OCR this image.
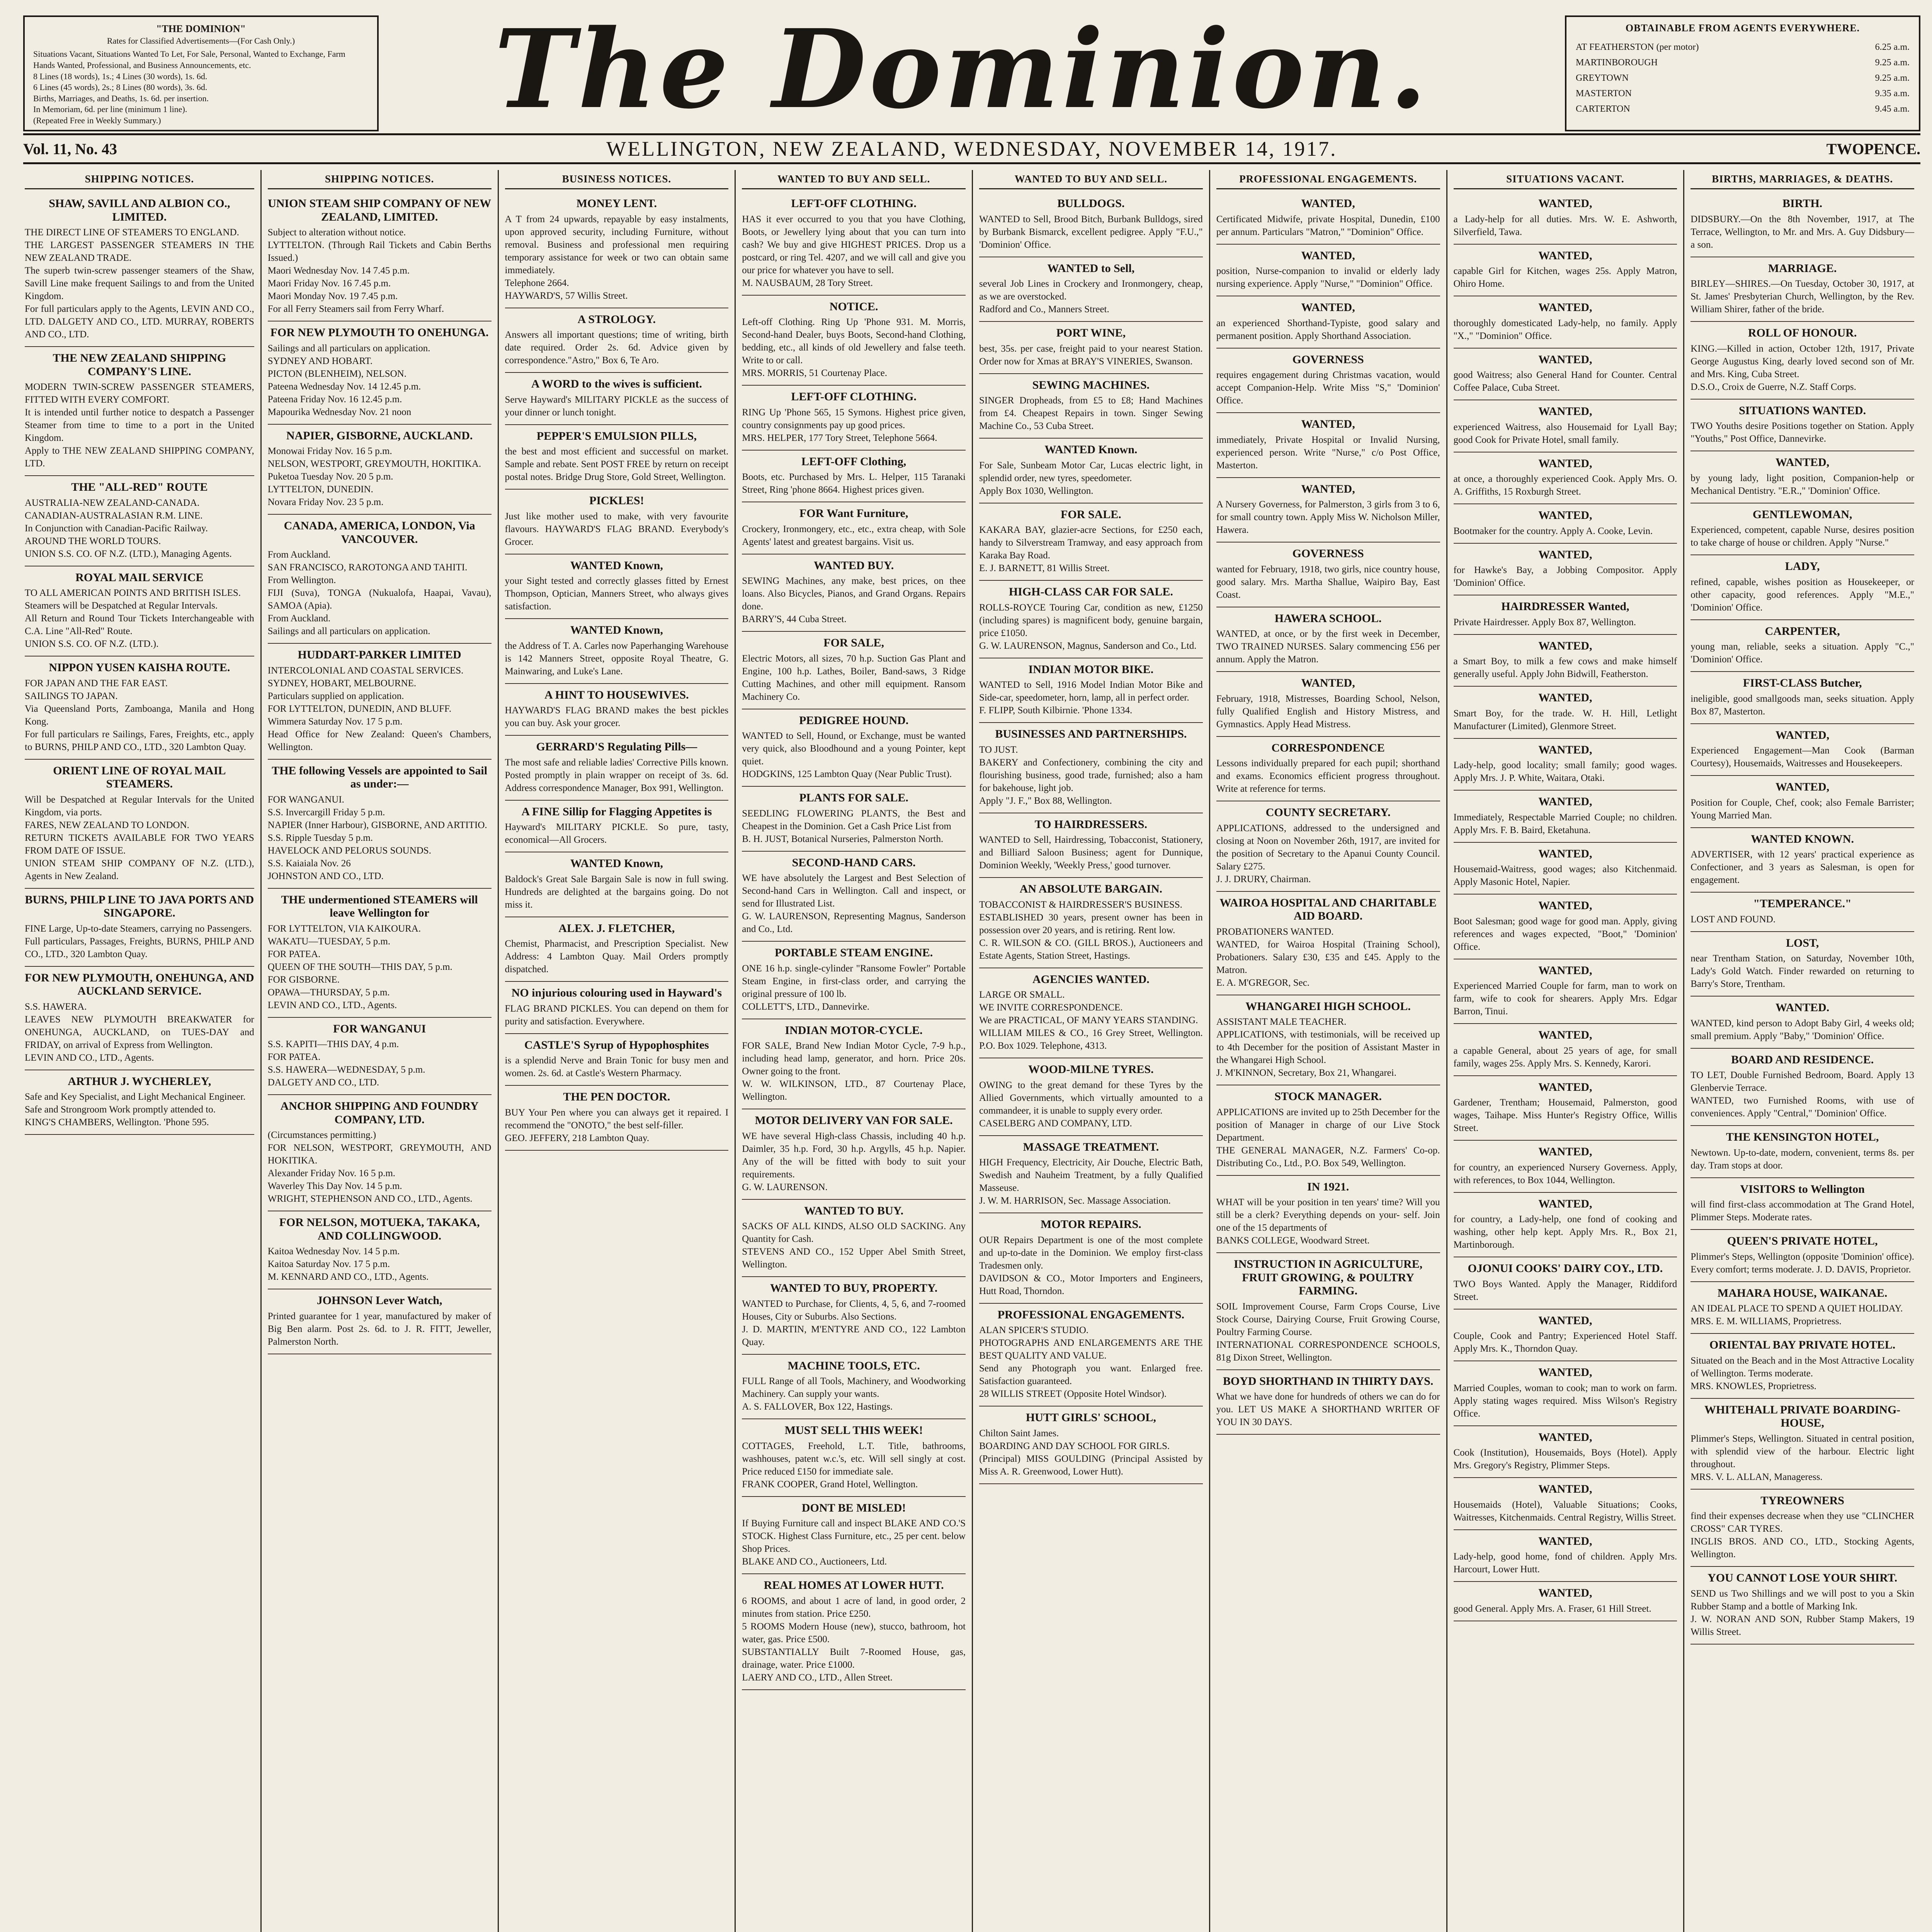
"THE DOMINION"
Rates for Classified Advertisements—(For Cash Only.)
Situations Vacant, Situations Wanted To Let, For Sale, Personal, Wanted to Exchange, Farm Hands Wanted, Professional, and Business Announcements, etc.
8 Lines (18 words), 1s.; 4 Lines (30 words), 1s. 6d.
6 Lines (45 words), 2s.; 8 Lines (80 words), 3s. 6d.
Births, Marriages, and Deaths, 1s. 6d. per insertion.
In Memoriam, 6d. per line (minimum 1 line).
(Repeated Free in Weekly Summary.)	The Dominion.	OBTAINABLE FROM AGENTS EVERYWHERE.
AT FEATHERSTON (per motor)	6.25 a.m.
MARTINBOROUGH	9.25 a.m.
GREYTOWN	9.25 a.m.
MASTERTON	9.35 a.m.
CARTERTON	9.45 a.m.
Vol. 11, No. 43	WELLINGTON, NEW ZEALAND, WEDNESDAY, NOVEMBER 14, 1917.	TWOPENCE.
SHIPPING NOTICES.
SHAW, SAVILL AND ALBION CO., LIMITED.

THE DIRECT LINE OF STEAMERS TO ENGLAND.
THE LARGEST PASSENGER STEAMERS IN THE NEW ZEALAND TRADE.
The superb twin-screw passenger steamers of the Shaw, Savill Line make frequent Sailings to and from the United Kingdom.
For full particulars apply to the Agents, LEVIN AND CO., LTD. DALGETY AND CO., LTD. MURRAY, ROBERTS AND CO., LTD.

THE NEW ZEALAND SHIPPING COMPANY'S LINE.

MODERN TWIN-SCREW PASSENGER STEAMERS, FITTED WITH EVERY COMFORT.
It is intended until further notice to despatch a Passenger Steamer from time to time to a port in the United Kingdom.
Apply to THE NEW ZEALAND SHIPPING COMPANY, LTD.

THE "ALL-RED" ROUTE

AUSTRALIA-NEW ZEALAND-CANADA.
CANADIAN-AUSTRALASIAN R.M. LINE.
In Conjunction with Canadian-Pacific Railway.
AROUND THE WORLD TOURS.
UNION S.S. CO. OF N.Z. (LTD.), Managing Agents.

ROYAL MAIL SERVICE

TO ALL AMERICAN POINTS AND BRITISH ISLES.
Steamers will be Despatched at Regular Intervals.
All Return and Round Tour Tickets Interchangeable with C.A. Line "All-Red" Route.
UNION S.S. CO. OF N.Z. (LTD.).

NIPPON YUSEN KAISHA ROUTE.

FOR JAPAN AND THE FAR EAST.
SAILINGS TO JAPAN.
Via Queensland Ports, Zamboanga, Manila and Hong Kong.
For full particulars re Sailings, Fares, Freights, etc., apply to BURNS, PHILP AND CO., LTD., 320 Lambton Quay.

ORIENT LINE OF ROYAL MAIL STEAMERS.

Will be Despatched at Regular Intervals for the United Kingdom, via ports.
FARES, NEW ZEALAND TO LONDON.
RETURN TICKETS AVAILABLE FOR TWO YEARS FROM DATE OF ISSUE.
UNION STEAM SHIP COMPANY OF N.Z. (LTD.), Agents in New Zealand.

BURNS, PHILP LINE TO JAVA PORTS AND SINGAPORE.

FINE Large, Up-to-date Steamers, carrying no Passengers.
Full particulars, Passages, Freights, BURNS, PHILP AND CO., LTD., 320 Lambton Quay.

FOR NEW PLYMOUTH, ONEHUNGA, AND AUCKLAND SERVICE.

S.S. HAWERA.
LEAVES NEW PLYMOUTH BREAKWATER for ONEHUNGA, AUCKLAND, on TUES-DAY and FRIDAY, on arrival of Express from Wellington.
LEVIN AND CO., LTD., Agents.

ARTHUR J. WYCHERLEY,

Safe and Key Specialist, and Light Mechanical Engineer.
Safe and Strongroom Work promptly attended to.
KING'S CHAMBERS, Wellington. 'Phone 595.

SHIPPING NOTICES.
UNION STEAM SHIP COMPANY OF NEW ZEALAND, LIMITED.

Subject to alteration without notice.
LYTTELTON. (Through Rail Tickets and Cabin Berths Issued.)
Maori Wednesday Nov. 14 7.45 p.m.
Maori Friday Nov. 16 7.45 p.m.
Maori Monday Nov. 19 7.45 p.m.
For all Ferry Steamers sail from Ferry Wharf.

FOR NEW PLYMOUTH TO ONEHUNGA.

Sailings and all particulars on application.
SYDNEY AND HOBART.
PICTON (BLENHEIM), NELSON.
Pateena Wednesday Nov. 14 12.45 p.m.
Pateena Friday Nov. 16 12.45 p.m.
Mapourika Wednesday Nov. 21 noon

NAPIER, GISBORNE, AUCKLAND.

Monowai Friday Nov. 16 5 p.m.
NELSON, WESTPORT, GREYMOUTH, HOKITIKA.
Puketoa Tuesday Nov. 20 5 p.m.
LYTTELTON, DUNEDIN.
Novara Friday Nov. 23 5 p.m.

CANADA, AMERICA, LONDON, Via VANCOUVER.

From Auckland.
SAN FRANCISCO, RAROTONGA AND TAHITI.
From Wellington.
FIJI (Suva), TONGA (Nukualofa, Haapai, Vavau), SAMOA (Apia).
From Auckland.
Sailings and all particulars on application.

HUDDART-PARKER LIMITED

INTERCOLONIAL AND COASTAL SERVICES.
SYDNEY, HOBART, MELBOURNE.
Particulars supplied on application.
FOR LYTTELTON, DUNEDIN, AND BLUFF.
Wimmera Saturday Nov. 17 5 p.m.
Head Office for New Zealand: Queen's Chambers, Wellington.

THE following Vessels are appointed to Sail as under:—

FOR WANGANUI.
S.S. Invercargill Friday 5 p.m.
NAPIER (Inner Harbour), GISBORNE, AND ARTITIO.
S.S. Ripple Tuesday 5 p.m.
HAVELOCK AND PELORUS SOUNDS.
S.S. Kaiaiala Nov. 26
JOHNSTON AND CO., LTD.

THE undermentioned STEAMERS will leave Wellington for

FOR LYTTELTON, VIA KAIKOURA.
WAKATU—TUESDAY, 5 p.m.
FOR PATEA.
QUEEN OF THE SOUTH—THIS DAY, 5 p.m.
FOR GISBORNE.
OPAWA—THURSDAY, 5 p.m.
LEVIN AND CO., LTD., Agents.

FOR WANGANUI

S.S. KAPITI—THIS DAY, 4 p.m.
FOR PATEA.
S.S. HAWERA—WEDNESDAY, 5 p.m.
DALGETY AND CO., LTD.

ANCHOR SHIPPING AND FOUNDRY COMPANY, LTD.

(Circumstances permitting.)
FOR NELSON, WESTPORT, GREYMOUTH, AND HOKITIKA.
Alexander Friday Nov. 16 5 p.m.
Waverley This Day Nov. 14 5 p.m.
WRIGHT, STEPHENSON AND CO., LTD., Agents.

FOR NELSON, MOTUEKA, TAKAKA, AND COLLINGWOOD.

Kaitoa Wednesday Nov. 14 5 p.m.
Kaitoa Saturday Nov. 17 5 p.m.
M. KENNARD AND CO., LTD., Agents.

JOHNSON Lever Watch,

Printed guarantee for 1 year, manufactured by maker of Big Ben alarm. Post 2s. 6d. to J. R. FITT, Jeweller, Palmerston North.

BUSINESS NOTICES.
MONEY LENT.

A T from 24 upwards, repayable by easy instalments, upon approved security, including Furniture, without removal. Business and professional men requiring temporary assistance for week or two can obtain same immediately.
Telephone 2664.
HAYWARD'S, 57 Willis Street.

A STROLOGY.

Answers all important questions; time of writing, birth date required. Order 2s. 6d. Advice given by correspondence."Astro," Box 6, Te Aro.

A WORD to the wives is sufficient.

Serve Hayward's MILITARY PICKLE as the success of your dinner or lunch tonight.

PEPPER'S EMULSION PILLS,

the best and most efficient and successful on market. Sample and rebate. Sent POST FREE by return on receipt postal notes. Bridge Drug Store, Gold Street, Wellington.

PICKLES!

Just like mother used to make, with very favourite flavours. HAYWARD'S FLAG BRAND. Everybody's Grocer.

WANTED Known,

your Sight tested and correctly glasses fitted by Ernest Thompson, Optician, Manners Street, who always gives satisfaction.

WANTED Known,

the Address of T. A. Carles now Paperhanging Warehouse is 142 Manners Street, opposite Royal Theatre, G. Mainwaring, and Luke's Lane.

A HINT TO HOUSEWIVES.

HAYWARD'S FLAG BRAND makes the best pickles you can buy. Ask your grocer.

GERRARD'S Regulating Pills—

The most safe and reliable ladies' Corrective Pills known. Posted promptly in plain wrapper on receipt of 3s. 6d. Address correspondence Manager, Box 991, Wellington.

A FINE Sillip for Flagging Appetites is

Hayward's MILITARY PICKLE. So pure, tasty, economical—All Grocers.

WANTED Known,

Baldock's Great Sale Bargain Sale is now in full swing. Hundreds are delighted at the bargains going. Do not miss it.

ALEX. J. FLETCHER,

Chemist, Pharmacist, and Prescription Specialist. New Address: 4 Lambton Quay. Mail Orders promptly dispatched.

NO injurious colouring used in Hayward's

FLAG BRAND PICKLES. You can depend on them for purity and satisfaction. Everywhere.

CASTLE'S Syrup of Hypophosphites

is a splendid Nerve and Brain Tonic for busy men and women. 2s. 6d. at Castle's Western Pharmacy.

THE PEN DOCTOR.

BUY Your Pen where you can always get it repaired. I recommend the "ONOTO," the best self-filler.
GEO. JEFFERY, 218 Lambton Quay.

WANTED TO BUY AND SELL.
LEFT-OFF CLOTHING.

HAS it ever occurred to you that you have Clothing, Boots, or Jewellery lying about that you can turn into cash? We buy and give HIGHEST PRICES. Drop us a postcard, or ring Tel. 4207, and we will call and give you our price for whatever you have to sell.
M. NAUSBAUM, 28 Tory Street.

NOTICE.

Left-off Clothing. Ring Up 'Phone 931. M. Morris, Second-hand Dealer, buys Boots, Second-hand Clothing, bedding, etc., all kinds of old Jewellery and false teeth. Write to or call.
MRS. MORRIS, 51 Courtenay Place.

LEFT-OFF CLOTHING.

RING Up 'Phone 565, 15 Symons. Highest price given, country consignments pay up good prices.
MRS. HELPER, 177 Tory Street, Telephone 5664.

LEFT-OFF Clothing,

Boots, etc. Purchased by Mrs. L. Helper, 115 Taranaki Street, Ring 'phone 8664. Highest prices given.

FOR Want Furniture,

Crockery, Ironmongery, etc., etc., extra cheap, with Sole Agents' latest and greatest bargains. Visit us.

WANTED BUY.

SEWING Machines, any make, best prices, on thee loans. Also Bicycles, Pianos, and Grand Organs. Repairs done.
BARRY'S, 44 Cuba Street.

FOR SALE,

Electric Motors, all sizes, 70 h.p. Suction Gas Plant and Engine, 100 h.p. Lathes, Boiler, Band-saws, 3 Ridge Cutting Machines, and other mill equipment. Ransom Machinery Co.

PEDIGREE HOUND.

WANTED to Sell, Hound, or Exchange, must be wanted very quick, also Bloodhound and a young Pointer, kept quiet.
HODGKINS, 125 Lambton Quay (Near Public Trust).

PLANTS FOR SALE.

SEEDLING FLOWERING PLANTS, the Best and Cheapest in the Dominion. Get a Cash Price List from
B. H. JUST, Botanical Nurseries, Palmerston North.

SECOND-HAND CARS.

WE have absolutely the Largest and Best Selection of Second-hand Cars in Wellington. Call and inspect, or send for Illustrated List.
G. W. LAURENSON, Representing Magnus, Sanderson and Co., Ltd.

PORTABLE STEAM ENGINE.

ONE 16 h.p. single-cylinder "Ransome Fowler" Portable Steam Engine, in first-class order, and carrying the original pressure of 100 lb.
COLLETT'S, LTD., Dannevirke.

INDIAN MOTOR-CYCLE.

FOR SALE, Brand New Indian Motor Cycle, 7-9 h.p., including head lamp, generator, and horn. Price 20s. Owner going to the front.
W. W. WILKINSON, LTD., 87 Courtenay Place, Wellington.

MOTOR DELIVERY VAN FOR SALE.

WE have several High-class Chassis, including 40 h.p. Daimler, 35 h.p. Ford, 30 h.p. Argylls, 45 h.p. Napier. Any of the will be fitted with body to suit your requirements.
G. W. LAURENSON.

WANTED TO BUY.

SACKS OF ALL KINDS, ALSO OLD SACKING. Any Quantity for Cash.
STEVENS AND CO., 152 Upper Abel Smith Street, Wellington.

WANTED TO BUY, PROPERTY.

WANTED to Purchase, for Clients, 4, 5, 6, and 7-roomed Houses, City or Suburbs. Also Sections.
J. D. MARTIN, M'ENTYRE AND CO., 122 Lambton Quay.

MACHINE TOOLS, ETC.

FULL Range of all Tools, Machinery, and Woodworking Machinery. Can supply your wants.
A. S. FALLOVER, Box 122, Hastings.

MUST SELL THIS WEEK!

COTTAGES, Freehold, L.T. Title, bathrooms, washhouses, patent w.c.'s, etc. Will sell singly at cost. Price reduced £150 for immediate sale.
FRANK COOPER, Grand Hotel, Wellington.

DONT BE MISLED!

If Buying Furniture call and inspect BLAKE AND CO.'S STOCK. Highest Class Furniture, etc., 25 per cent. below Shop Prices.
BLAKE AND CO., Auctioneers, Ltd.

REAL HOMES AT LOWER HUTT.

6 ROOMS, and about 1 acre of land, in good order, 2 minutes from station. Price £250.
5 ROOMS Modern House (new), stucco, bathroom, hot water, gas. Price £500.
SUBSTANTIALLY Built 7-Roomed House, gas, drainage, water. Price £1000.
LAERY AND CO., LTD., Allen Street.

WANTED TO BUY AND SELL.
BULLDOGS.

WANTED to Sell, Brood Bitch, Burbank Bulldogs, sired by Burbank Bismarck, excellent pedigree. Apply "F.U.," 'Dominion' Office.

WANTED to Sell,

several Job Lines in Crockery and Ironmongery, cheap, as we are overstocked.
Radford and Co., Manners Street.

PORT WINE,

best, 35s. per case, freight paid to your nearest Station. Order now for Xmas at BRAY'S VINERIES, Swanson.

SEWING MACHINES.

SINGER Dropheads, from £5 to £8; Hand Machines from £4. Cheapest Repairs in town. Singer Sewing Machine Co., 53 Cuba Street.

WANTED Known.

For Sale, Sunbeam Motor Car, Lucas electric light, in splendid order, new tyres, speedometer.
Apply Box 1030, Wellington.

FOR SALE.

KAKARA BAY, glazier-acre Sections, for £250 each, handy to Silverstream Tramway, and easy approach from Karaka Bay Road.
E. J. BARNETT, 81 Willis Street.

HIGH-CLASS CAR FOR SALE.

ROLLS-ROYCE Touring Car, condition as new, £1250 (including spares) is magnificent body, genuine bargain, price £1050.
G. W. LAURENSON, Magnus, Sanderson and Co., Ltd.

INDIAN MOTOR BIKE.

WANTED to Sell, 1916 Model Indian Motor Bike and Side-car, speedometer, horn, lamp, all in perfect order.
F. FLIPP, South Kilbirnie. 'Phone 1334.

BUSINESSES AND PARTNERSHIPS.

TO JUST.
BAKERY and Confectionery, combining the city and flourishing business, good trade, furnished; also a ham for bakehouse, light job.
Apply "J. F.," Box 88, Wellington.

TO HAIRDRESSERS.

WANTED to Sell, Hairdressing, Tobacconist, Stationery, and Billiard Saloon Business; agent for Dunnique, Dominion Weekly, 'Weekly Press,' good turnover.

AN ABSOLUTE BARGAIN.

TOBACCONIST & HAIRDRESSER'S BUSINESS.
ESTABLISHED 30 years, present owner has been in possession over 20 years, and is retiring. Rent low.
C. R. WILSON & CO. (GILL BROS.), Auctioneers and Estate Agents, Station Street, Hastings.

AGENCIES WANTED.

LARGE OR SMALL.
WE INVITE CORRESPONDENCE.
We are PRACTICAL, OF MANY YEARS STANDING.
WILLIAM MILES & CO., 16 Grey Street, Wellington. P.O. Box 1029. Telephone, 4313.

WOOD-MILNE TYRES.

OWING to the great demand for these Tyres by the Allied Governments, which virtually amounted to a commandeer, it is unable to supply every order.
CASELBERG AND COMPANY, LTD.

MASSAGE TREATMENT.

HIGH Frequency, Electricity, Air Douche, Electric Bath, Swedish and Nauheim Treatment, by a fully Qualified Masseuse.
J. W. M. HARRISON, Sec. Massage Association.

MOTOR REPAIRS.

OUR Repairs Department is one of the most complete and up-to-date in the Dominion. We employ first-class Tradesmen only.
DAVIDSON & CO., Motor Importers and Engineers, Hutt Road, Thorndon.

PROFESSIONAL ENGAGEMENTS.

ALAN SPICER'S STUDIO.
PHOTOGRAPHS AND ENLARGEMENTS ARE THE BEST QUALITY AND VALUE.
Send any Photograph you want. Enlarged free. Satisfaction guaranteed.
28 WILLIS STREET (Opposite Hotel Windsor).

HUTT GIRLS' SCHOOL,

Chilton Saint James.
BOARDING AND DAY SCHOOL FOR GIRLS.
(Principal) MISS GOULDING (Principal Assisted by Miss A. R. Greenwood, Lower Hutt).

PROFESSIONAL ENGAGEMENTS.
WANTED,

Certificated Midwife, private Hospital, Dunedin, £100 per annum. Particulars "Matron," "Dominion" Office.

WANTED,

position, Nurse-companion to invalid or elderly lady nursing experience. Apply "Nurse," "Dominion" Office.

WANTED,

an experienced Shorthand-Typiste, good salary and permanent position. Apply Shorthand Association.

GOVERNESS

requires engagement during Christmas vacation, would accept Companion-Help. Write Miss "S," 'Dominion' Office.

WANTED,

immediately, Private Hospital or Invalid Nursing, experienced person. Write "Nurse," c/o Post Office, Masterton.

WANTED,

A Nursery Governess, for Palmerston, 3 girls from 3 to 6, for small country town. Apply Miss W. Nicholson Miller, Hawera.

GOVERNESS

wanted for February, 1918, two girls, nice country house, good salary. Mrs. Martha Shallue, Waipiro Bay, East Coast.

HAWERA SCHOOL.

WANTED, at once, or by the first week in December, TWO TRAINED NURSES. Salary commencing £56 per annum. Apply the Matron.

WANTED,

February, 1918, Mistresses, Boarding School, Nelson, fully Qualified English and History Mistress, and Gymnastics. Apply Head Mistress.

CORRESPONDENCE

Lessons individually prepared for each pupil; shorthand and exams. Economics efficient progress throughout. Write at reference for terms.

COUNTY SECRETARY.

APPLICATIONS, addressed to the undersigned and closing at Noon on November 26th, 1917, are invited for the position of Secretary to the Apanui County Council. Salary £275.
J. J. DRURY, Chairman.

WAIROA HOSPITAL AND CHARITABLE AID BOARD.

PROBATIONERS WANTED.
WANTED, for Wairoa Hospital (Training School), Probationers. Salary £30, £35 and £45. Apply to the Matron.
E. A. M'GREGOR, Sec.

WHANGAREI HIGH SCHOOL.

ASSISTANT MALE TEACHER.
APPLICATIONS, with testimonials, will be received up to 4th December for the position of Assistant Master in the Whangarei High School.
J. M'KINNON, Secretary, Box 21, Whangarei.

STOCK MANAGER.

APPLICATIONS are invited up to 25th December for the position of Manager in charge of our Live Stock Department.
THE GENERAL MANAGER, N.Z. Farmers' Co-op. Distributing Co., Ltd., P.O. Box 549, Wellington.

IN 1921.

WHAT will be your position in ten years' time? Will you still be a clerk? Everything depends on your- self. Join one of the 15 departments of
BANKS COLLEGE, Woodward Street.

INSTRUCTION IN AGRICULTURE, FRUIT GROWING, & POULTRY FARMING.

SOIL Improvement Course, Farm Crops Course, Live Stock Course, Dairying Course, Fruit Growing Course, Poultry Farming Course.
INTERNATIONAL CORRESPONDENCE SCHOOLS, 81g Dixon Street, Wellington.

BOYD SHORTHAND IN THIRTY DAYS.

What we have done for hundreds of others we can do for you. LET US MAKE A SHORTHAND WRITER OF YOU IN 30 DAYS.

SITUATIONS VACANT.
WANTED,

a Lady-help for all duties. Mrs. W. E. Ashworth, Silverfield, Tawa.

WANTED,

capable Girl for Kitchen, wages 25s. Apply Matron, Ohiro Home.

WANTED,

thoroughly domesticated Lady-help, no family. Apply "X.," "Dominion" Office.

WANTED,

good Waitress; also General Hand for Counter. Central Coffee Palace, Cuba Street.

WANTED,

experienced Waitress, also Housemaid for Lyall Bay; good Cook for Private Hotel, small family.

WANTED,

at once, a thoroughly experienced Cook. Apply Mrs. O. A. Griffiths, 15 Roxburgh Street.

WANTED,

Bootmaker for the country. Apply A. Cooke, Levin.

WANTED,

for Hawke's Bay, a Jobbing Compositor. Apply 'Dominion' Office.

HAIRDRESSER Wanted,

Private Hairdresser. Apply Box 87, Wellington.

WANTED,

a Smart Boy, to milk a few cows and make himself generally useful. Apply John Bidwill, Featherston.

WANTED,

Smart Boy, for the trade. W. H. Hill, Letlight Manufacturer (Limited), Glenmore Street.

WANTED,

Lady-help, good locality; small family; good wages. Apply Mrs. J. P. White, Waitara, Otaki.

WANTED,

Immediately, Respectable Married Couple; no children. Apply Mrs. F. B. Baird, Eketahuna.

WANTED,

Housemaid-Waitress, good wages; also Kitchenmaid. Apply Masonic Hotel, Napier.

WANTED,

Boot Salesman; good wage for good man. Apply, giving references and wages expected, "Boot," 'Dominion' Office.

WANTED,

Experienced Married Couple for farm, man to work on farm, wife to cook for shearers. Apply Mrs. Edgar Barron, Tinui.

WANTED,

a capable General, about 25 years of age, for small family, wages 25s. Apply Mrs. S. Kennedy, Karori.

WANTED,

Gardener, Trentham; Housemaid, Palmerston, good wages, Taihape. Miss Hunter's Registry Office, Willis Street.

WANTED,

for country, an experienced Nursery Governess. Apply, with references, to Box 1044, Wellington.

WANTED,

for country, a Lady-help, one fond of cooking and washing, other help kept. Apply Mrs. R., Box 21, Martinborough.

OJONUI COOKS' DAIRY COY., LTD.

TWO Boys Wanted. Apply the Manager, Riddiford Street.

WANTED,

Couple, Cook and Pantry; Experienced Hotel Staff. Apply Mrs. K., Thorndon Quay.

WANTED,

Married Couples, woman to cook; man to work on farm. Apply stating wages required. Miss Wilson's Registry Office.

WANTED,

Cook (Institution), Housemaids, Boys (Hotel). Apply Mrs. Gregory's Registry, Plimmer Steps.

WANTED,

Housemaids (Hotel), Valuable Situations; Cooks, Waitresses, Kitchenmaids. Central Registry, Willis Street.

WANTED,

Lady-help, good home, fond of children. Apply Mrs. Harcourt, Lower Hutt.

WANTED,

good General. Apply Mrs. A. Fraser, 61 Hill Street.

BIRTHS, MARRIAGES, & DEATHS.
BIRTH.

DIDSBURY.—On the 8th November, 1917, at The Terrace, Wellington, to Mr. and Mrs. A. Guy Didsbury—a son.

MARRIAGE.

BIRLEY—SHIRES.—On Tuesday, October 30, 1917, at St. James' Presbyterian Church, Wellington, by the Rev. William Shirer, father of the bride.

ROLL OF HONOUR.

KING.—Killed in action, October 12th, 1917, Private George Augustus King, dearly loved second son of Mr. and Mrs. King, Cuba Street.
D.S.O., Croix de Guerre, N.Z. Staff Corps.

SITUATIONS WANTED.

TWO Youths desire Positions together on Station. Apply "Youths," Post Office, Dannevirke.

WANTED,

by young lady, light position, Companion-help or Mechanical Dentistry. "E.R.," 'Dominion' Office.

GENTLEWOMAN,

Experienced, competent, capable Nurse, desires position to take charge of house or children. Apply "Nurse."

LADY,

refined, capable, wishes position as Housekeeper, or other capacity, good references. Apply "M.E.," 'Dominion' Office.

CARPENTER,

young man, reliable, seeks a situation. Apply "C.," 'Dominion' Office.

FIRST-CLASS Butcher,

ineligible, good smallgoods man, seeks situation. Apply Box 87, Masterton.

WANTED,

Experienced Engagement—Man Cook (Barman Courtesy), Housemaids, Waitresses and Housekeepers.

WANTED,

Position for Couple, Chef, cook; also Female Barrister; Young Married Man.

WANTED KNOWN.

ADVERTISER, with 12 years' practical experience as Confectioner, and 3 years as Salesman, is open for engagement.

"TEMPERANCE."

LOST AND FOUND.

LOST,

near Trentham Station, on Saturday, November 10th, Lady's Gold Watch. Finder rewarded on returning to Barry's Store, Trentham.

WANTED.

WANTED, kind person to Adopt Baby Girl, 4 weeks old; small premium. Apply "Baby," 'Dominion' Office.

BOARD AND RESIDENCE.

TO LET, Double Furnished Bedroom, Board. Apply 13 Glenbervie Terrace.
WANTED, two Furnished Rooms, with use of conveniences. Apply "Central," 'Dominion' Office.

THE KENSINGTON HOTEL,

Newtown. Up-to-date, modern, convenient, terms 8s. per day. Tram stops at door.

VISITORS to Wellington

will find first-class accommodation at The Grand Hotel, Plimmer Steps. Moderate rates.

QUEEN'S PRIVATE HOTEL,

Plimmer's Steps, Wellington (opposite 'Dominion' office). Every comfort; terms moderate. J. D. DAVIS, Proprietor.

MAHARA HOUSE, WAIKANAE.

AN IDEAL PLACE TO SPEND A QUIET HOLIDAY.
MRS. E. M. WILLIAMS, Proprietress.

ORIENTAL BAY PRIVATE HOTEL.

Situated on the Beach and in the Most Attractive Locality of Wellington. Terms moderate.
MRS. KNOWLES, Proprietress.

WHITEHALL PRIVATE BOARDING-HOUSE,

Plimmer's Steps, Wellington. Situated in central position, with splendid view of the harbour. Electric light throughout.
MRS. V. L. ALLAN, Manageress.

TYREOWNERS

find their expenses decrease when they use "CLINCHER CROSS" CAR TYRES.
INGLIS BROS. AND CO., LTD., Stocking Agents, Wellington.

YOU CANNOT LOSE YOUR SHIRT.

SEND us Two Shillings and we will post to you a Skin Rubber Stamp and a bottle of Marking Ink.
J. W. NORAN AND SON, Rubber Stamp Makers, 19 Willis Street.
